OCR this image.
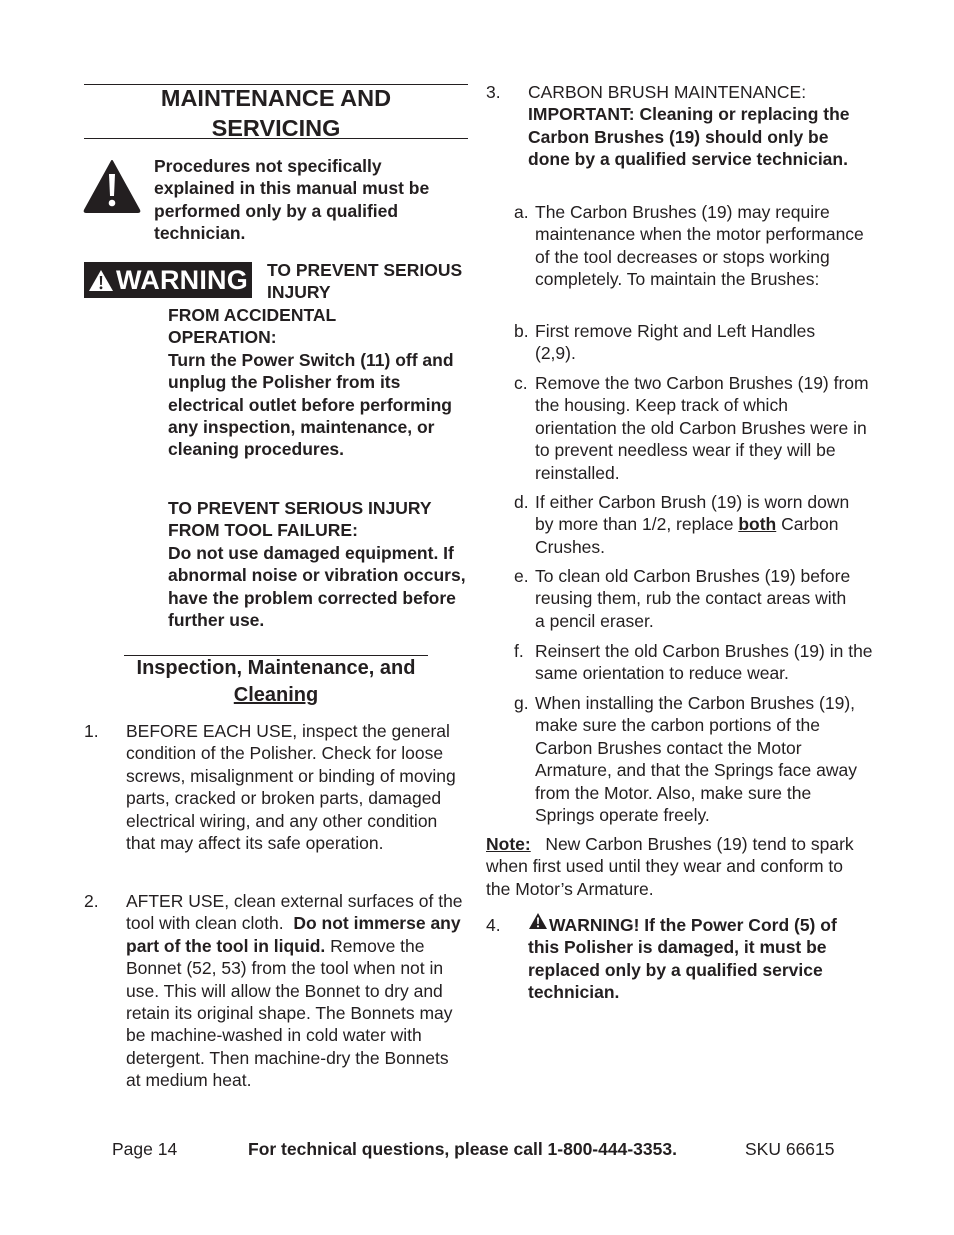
MAINTENANCE AND
SERVICING
Procedures not specifically explained in this manual must be performed only by a qualified technician.
WARNING TO PREVENT SERIOUS INJURY
FROM ACCIDENTAL OPERATION:
Turn the Power Switch (11) off and unplug the Polisher from its electrical outlet before performing any inspection, maintenance, or cleaning procedures.
TO PREVENT SERIOUS INJURY FROM TOOL FAILURE:
Do not use damaged equipment. If abnormal noise or vibration occurs, have the problem corrected before further use.
Inspection, Maintenance, and
Cleaning
1. BEFORE EACH USE, inspect the general condition of the Polisher. Check for loose screws, misalignment or binding of moving parts, cracked or broken parts, damaged electrical wiring, and any other condition that may affect its safe operation.
2. AFTER USE, clean external surfaces of the tool with clean cloth. Do not immerse any part of the tool in liquid. Remove the Bonnet (52, 53) from the tool when not in use. This will allow the Bonnet to dry and retain its original shape. The Bonnets may be machine-washed in cold water with detergent. Then machine-dry the Bonnets at medium heat.
3. CARBON BRUSH MAINTENANCE:
IMPORTANT: Cleaning or replacing the Carbon Brushes (19) should only be done by a qualified service technician.
a. The Carbon Brushes (19) may require maintenance when the motor performance of the tool decreases or stops working completely. To maintain the Brushes:
b. First remove Right and Left Handles (2,9).
c. Remove the two Carbon Brushes (19) from the housing. Keep track of which orientation the old Carbon Brushes were in to prevent needless wear if they will be reinstalled.
d. If either Carbon Brush (19) is worn down by more than 1/2, replace both Carbon Crushes.
e. To clean old Carbon Brushes (19) before reusing them, rub the contact areas with a pencil eraser.
f. Reinsert the old Carbon Brushes (19) in the same orientation to reduce wear.
g. When installing the Carbon Brushes (19), make sure the carbon portions of the Carbon Brushes contact the Motor Armature, and that the Springs face away from the Motor. Also, make sure the Springs operate freely.
Note: New Carbon Brushes (19) tend to spark when first used until they wear and conform to the Motor’s Armature.
4.	WARNING! If the Power Cord (5) of this Polisher is damaged, it must be replaced only by a qualified service technician.
Page 14	For technical questions, please call 1-800-444-3353.	SKU 66615
